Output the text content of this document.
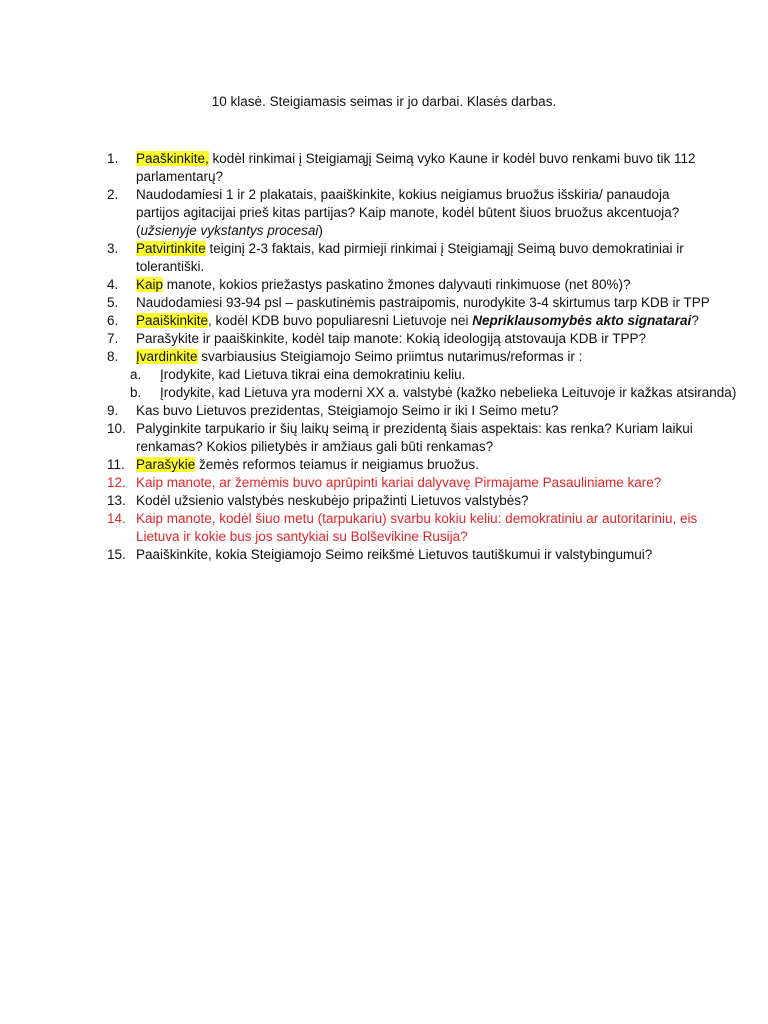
10 klasė. Steigiamasis seimas ir jo darbai. Klasės darbas.
1. Paaškinkite, kodėl rinkimai į Steigiamąjį Seimą vyko Kaune ir kodėl buvo renkami buvo tik 112
parlamentarų?
2. Naudodamiesi 1 ir 2 plakatais, paaiškinkite, kokius neigiamus bruožus išskiria/ panaudoja
partijos agitacijai prieš kitas partijas? Kaip manote, kodėl būtent šiuos bruožus akcentuoja?
(užsienyje vykstantys procesai)
3. Patvirtinkite teiginį 2-3 faktais, kad pirmieji rinkimai į Steigiamąjį Seimą buvo demokratiniai ir
tolerantiški.
4. Kaip manote, kokios priežastys paskatino žmones dalyvauti rinkimuose (net 80%)?
5. Naudodamiesi 93-94 psl – paskutinėmis pastraipomis, nurodykite 3-4 skirtumus tarp KDB ir TPP
6. Paaiškinkite, kodėl KDB buvo populiaresni Lietuvoje nei Nepriklausomybės akto signatarai?
7. Parašykite ir paaiškinkite, kodėl taip manote: Kokią ideologiją atstovauja KDB ir TPP?
8. Įvardinkite svarbiausius Steigiamojo Seimo priimtus nutarimus/reformas ir :
a. Įrodykite, kad Lietuva tikrai eina demokratiniu keliu.
b. Įrodykite, kad Lietuva yra moderni XX a. valstybė (kažko nebelieka Leituvoje ir kažkas atsiranda)
9. Kas buvo Lietuvos prezidentas, Steigiamojo Seimo ir iki I Seimo metu?
10. Palyginkite tarpukario ir šių laikų seimą ir prezidentą šiais aspektais: kas renka? Kuriam laikui
renkamas? Kokios pilietybės ir amžiaus gali būti renkamas?
11. Parašykie žemės reformos teiamus ir neigiamus bruožus.
12. Kaip manote, ar žemėmis buvo aprūpinti kariai dalyvavę Pirmajame Pasauliniame kare?
13. Kodėl užsienio valstybės neskubėjo pripažinti Lietuvos valstybės?
14. Kaip manote, kodėl šiuo metu (tarpukariu) svarbu kokiu keliu: demokratiniu ar autoritariniu, eis
Lietuva ir kokie bus jos santykiai su Bolševikine Rusija?
15. Paaiškinkite, kokia Steigiamojo Seimo reikšmė Lietuvos tautiškumui ir valstybingumui?
